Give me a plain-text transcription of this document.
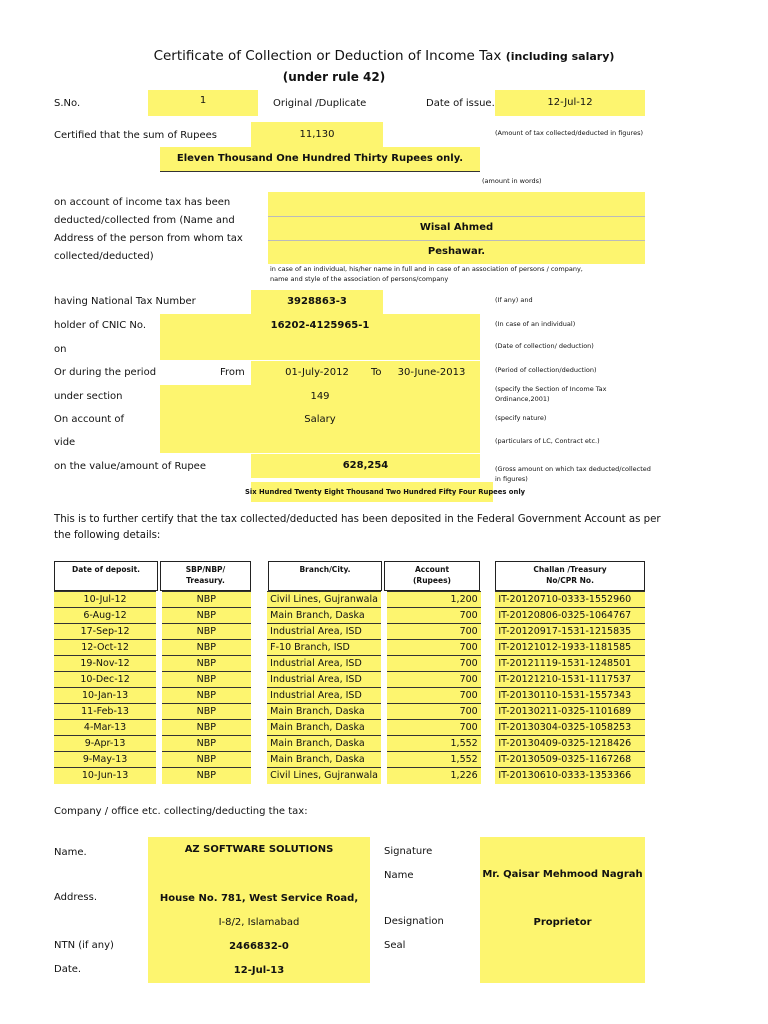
Certificate of Collection or Deduction of Income Tax (including salary)
(under rule 42)
S.No.	1	Original /Duplicate	Date of issue.	12-Jul-12
Certified that the sum of Rupees	11,130	(Amount of tax collected/deducted in figures)
Eleven Thousand One Hundred Thirty Rupees only.
(amount in words)
on account of income tax has been
deducted/collected from (Name and
Address of the person from whom tax
collected/deducted)
Wisal Ahmed
Peshawar.
in case of an individual, his/her name in full and in case of an association of persons / company,
name and style of the association of persons/company
having National Tax Number	3928863-3	(If any) and
holder of CNIC No.	16202-4125965-1	(In case of an individual)
on	(Date of collection/ deduction)
Or during the period	From	01-July-2012	To	30-June-2013	(Period of collection/deduction)
under section	149
(specify the Section of Income Tax
Ordinance,2001)
On account of	Salary	(specify nature)
vide	(particulars of LC, Contract etc.)
on the value/amount of Rupee	628,254	(Gross amount on which tax deducted/collected
in figures)
Six Hundred Twenty Eight Thousand Two Hundred Fifty Four Rupees only
This is to further certify that the tax collected/deducted has been deposited in the Federal Government Account as per
the following details:
Date of deposit.	SBP/NBP/
Treasury.
Branch/City.	Account
(Rupees)
Challan /Treasury
No/CPR No.
10-Jul-12		NBP		Civil Lines, Gujranwala		1,200		IT-20120710-0333-1552960
6-Aug-12		NBP		Main Branch, Daska		700		IT-20120806-0325-1064767
17-Sep-12		NBP		Industrial Area, ISD		700		IT-20120917-1531-1215835
12-Oct-12		NBP		F-10 Branch, ISD		700		IT-20121012-1933-1181585
19-Nov-12		NBP		Industrial Area, ISD		700		IT-20121119-1531-1248501
10-Dec-12		NBP		Industrial Area, ISD		700		IT-20121210-1531-1117537
10-Jan-13		NBP		Industrial Area, ISD		700		IT-20130110-1531-1557343
11-Feb-13		NBP		Main Branch, Daska		700		IT-20130211-0325-1101689
4-Mar-13		NBP		Main Branch, Daska		700		IT-20130304-0325-1058253
9-Apr-13		NBP		Main Branch, Daska		1,552		IT-20130409-0325-1218426
9-May-13		NBP		Main Branch, Daska		1,552		IT-20130509-0325-1167268
10-Jun-13		NBP		Civil Lines, Gujranwala		1,226		IT-20130610-0333-1353366
Company / office etc. collecting/deducting the tax:
Name.	AZ SOFTWARE SOLUTIONS	Signature
Name	Mr. Qaisar Mehmood Nagrah
Address.	House No. 781, West Service Road,
I-8/2, Islamabad	Designation	Proprietor
NTN (if any)	2466832-0	Seal
Date.	12-Jul-13
